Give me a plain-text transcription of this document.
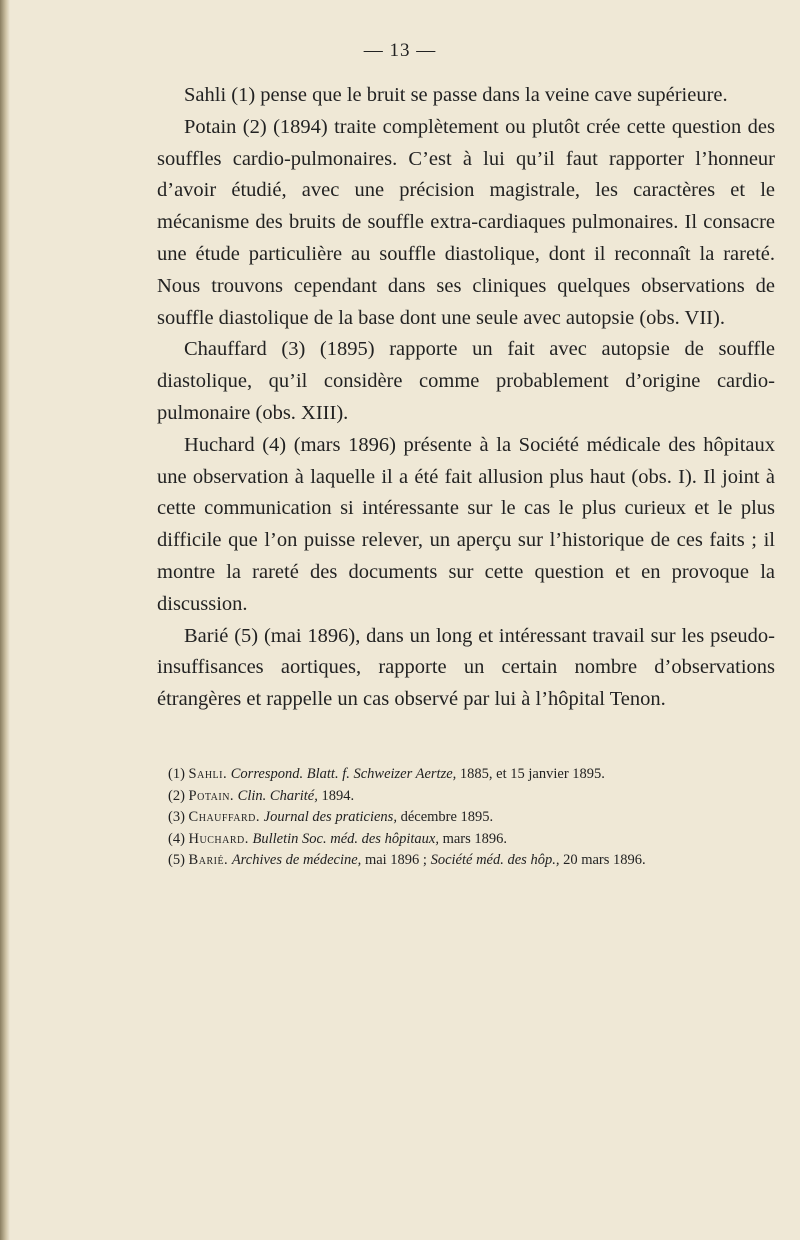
— 13 —

Sahli (1) pense que le bruit se passe dans la veine cave supérieure.

Potain (2) (1894) traite complètement ou plutôt crée cette question des souffles cardio-pulmonaires. C’est à lui qu’il faut rapporter l’honneur d’avoir étudié, avec une précision magistrale, les caractères et le mécanisme des bruits de souffle extra-cardiaques pulmonaires. Il consacre une étude particulière au souffle diastolique, dont il reconnaît la rareté. Nous trouvons cependant dans ses cliniques quelques observations de souffle diastolique de la base dont une seule avec autopsie (obs. VII).

Chauffard (3) (1895) rapporte un fait avec autopsie de souffle diastolique, qu’il considère comme probablement d’origine cardio-pulmonaire (obs. XIII).

Huchard (4) (mars 1896) présente à la Société médicale des hôpitaux une observation à laquelle il a été fait allusion plus haut (obs. I). Il joint à cette communication si intéressante sur le cas le plus curieux et le plus difficile que l’on puisse relever, un aperçu sur l’historique de ces faits ; il montre la rareté des documents sur cette question et en provoque la discussion.

Barié (5) (mai 1896), dans un long et intéressant travail sur les pseudo-insuffisances aortiques, rapporte un certain nombre d’observations étrangères et rappelle un cas observé par lui à l’hôpital Tenon.

(1) Sahli. Correspond. Blatt. f. Schweizer Aertze, 1885, et 15 janvier 1895.

(2) Potain. Clin. Charité, 1894.

(3) Chauffard. Journal des praticiens, décembre 1895.

(4) Huchard. Bulletin Soc. méd. des hôpitaux, mars 1896.

(5) Barié. Archives de médecine, mai 1896 ; Société méd. des hôp., 20 mars 1896.
